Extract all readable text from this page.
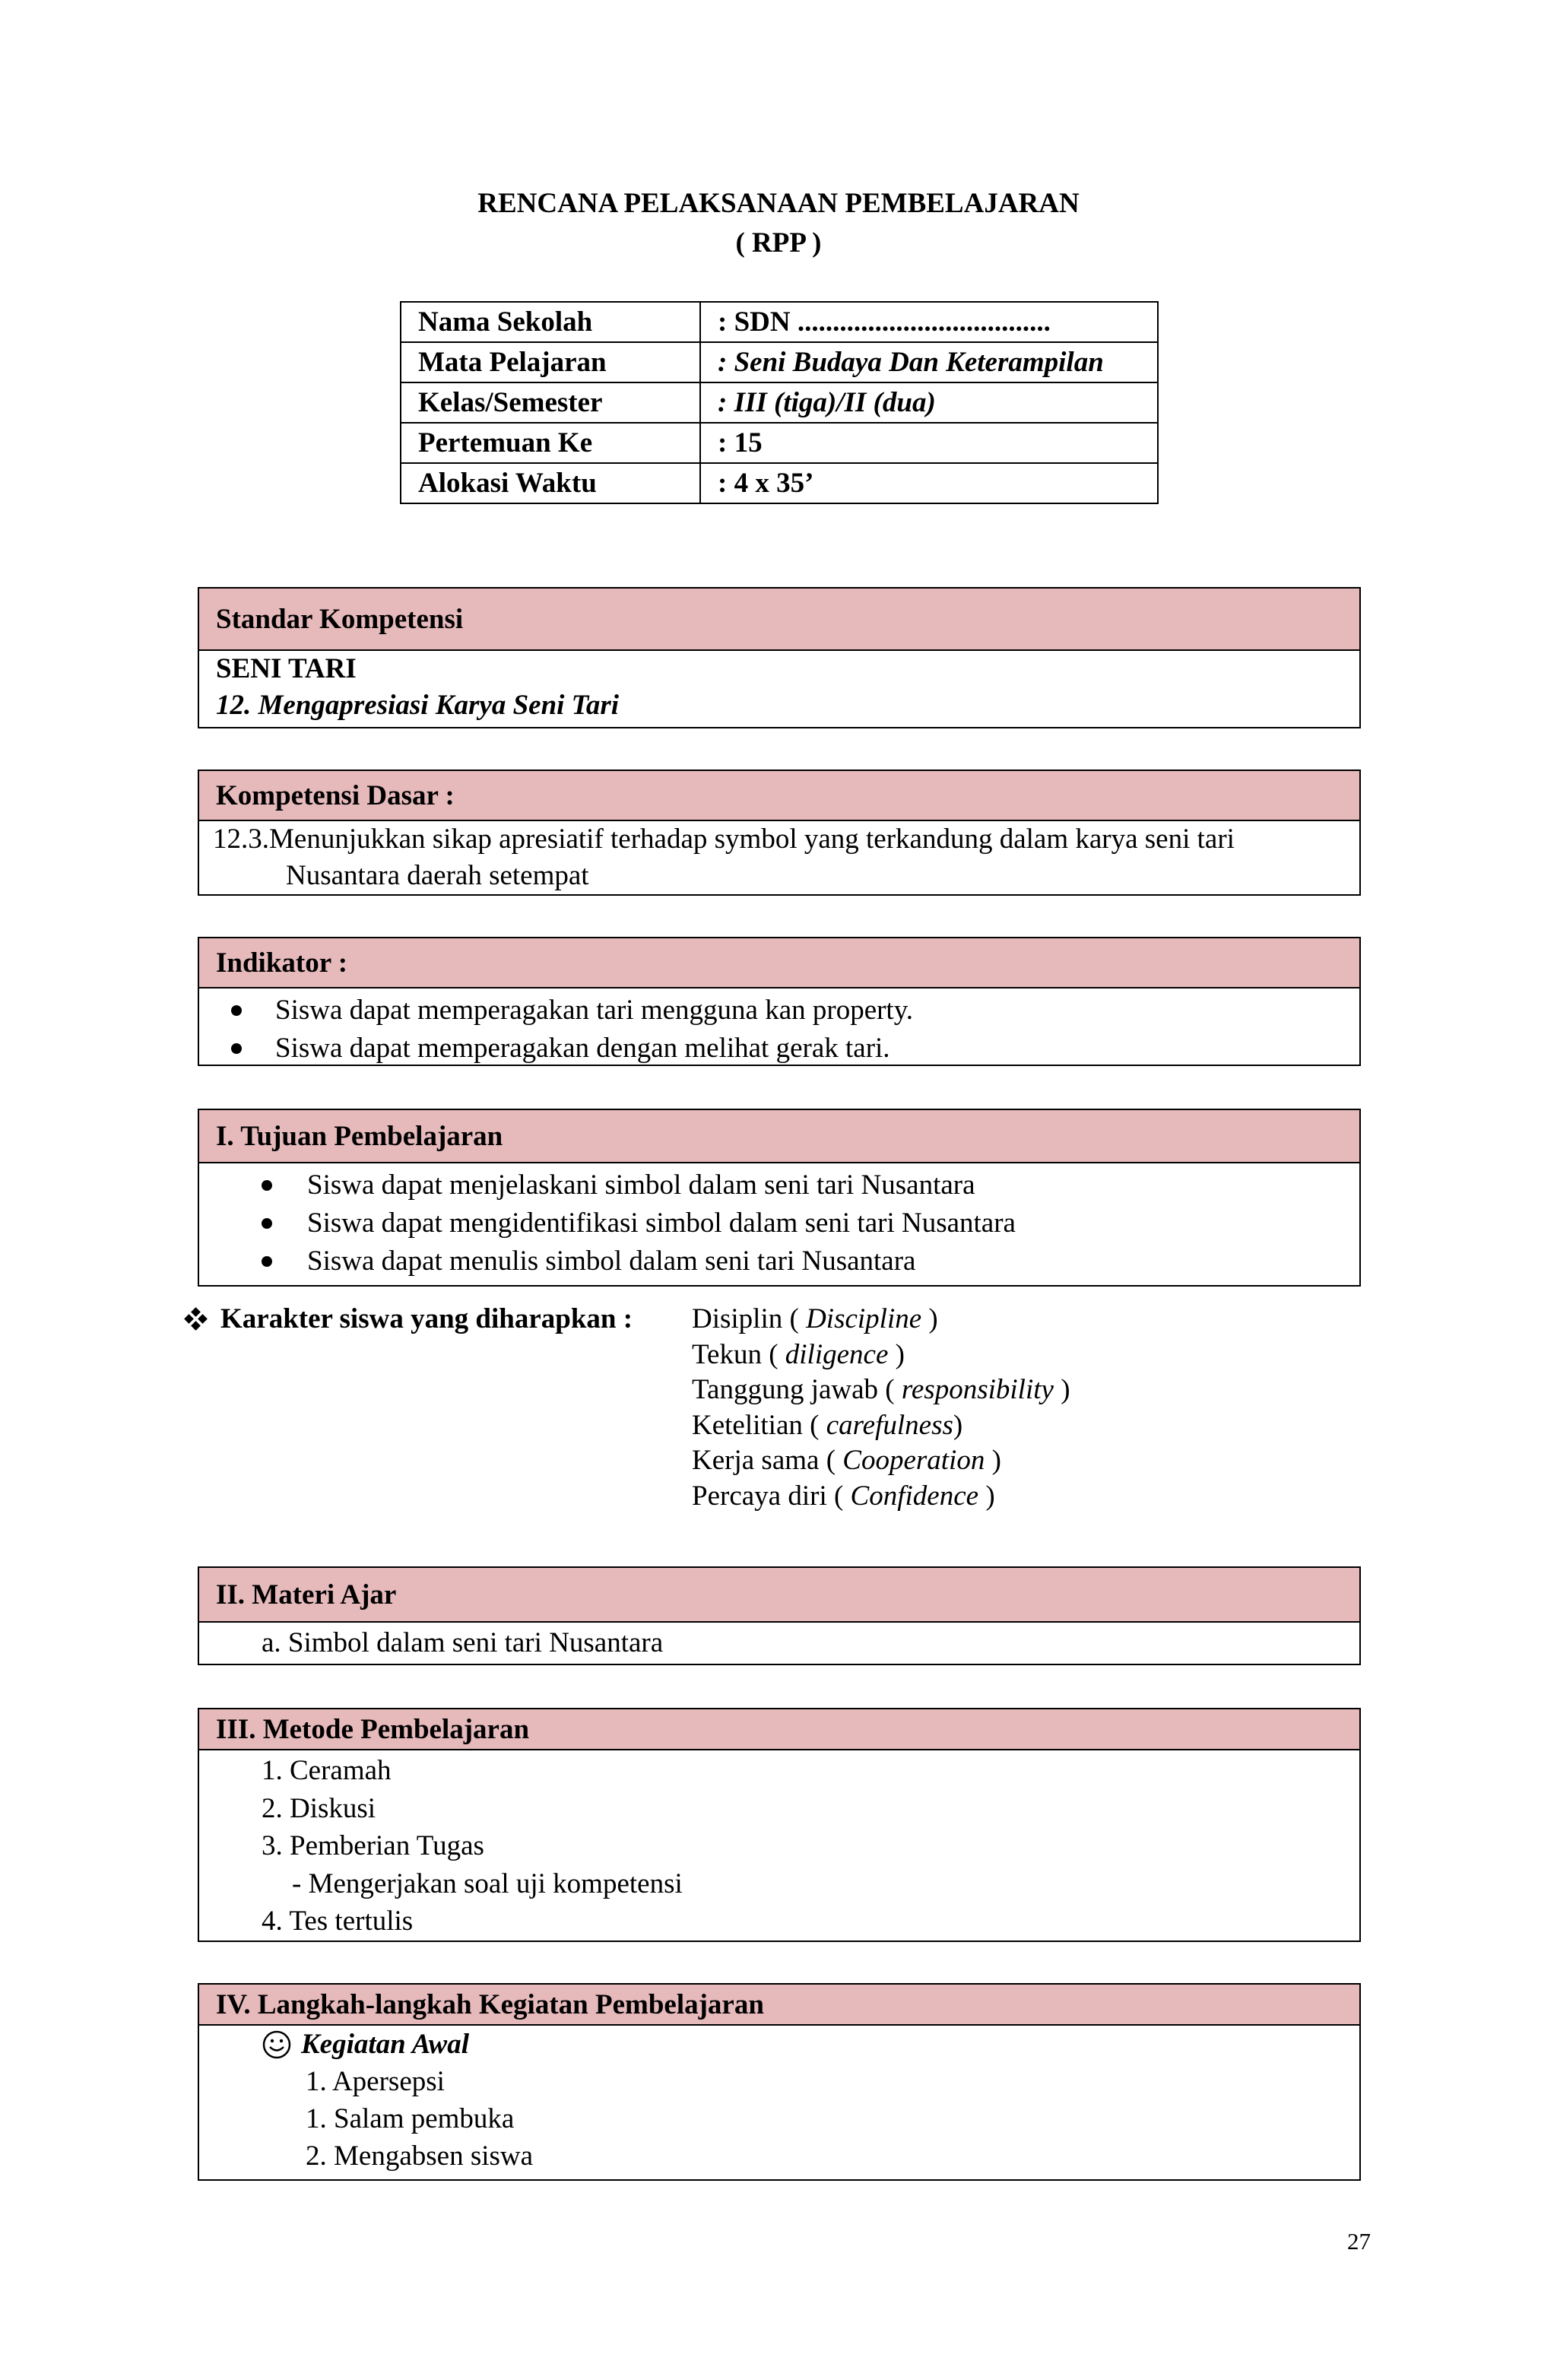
RENCANA PELAKSANAAN PEMBELAJARAN
( RPP )
Nama Sekolah	: SDN ....................................
Mata Pelajaran	: Seni Budaya Dan Keterampilan
Kelas/Semester	: III (tiga)/II (dua)
Pertemuan Ke	: 15
Alokasi Waktu	: 4 x 35’
Standar Kompetensi
SENI TARI
12. Mengapresiasi Karya Seni Tari
Kompetensi Dasar :
12.3.Menunjukkan sikap apresiatif terhadap symbol yang terkandung dalam karya seni tari
Nusantara daerah setempat
Indikator :
Siswa dapat memperagakan tari mengguna kan property.
Siswa dapat memperagakan dengan melihat gerak tari.
I. Tujuan Pembelajaran
Siswa dapat menjelaskani simbol dalam seni tari Nusantara
Siswa dapat mengidentifikasi simbol dalam seni tari Nusantara
Siswa dapat menulis simbol dalam seni tari Nusantara
Karakter siswa yang diharapkan : Disiplin ( Discipline )
Tekun ( diligence )
Tanggung jawab ( responsibility )
Ketelitian ( carefulness)
Kerja sama ( Cooperation )
Percaya diri ( Confidence )
II. Materi Ajar
a. Simbol dalam seni tari Nusantara
III. Metode Pembelajaran
1. Ceramah
2. Diskusi
3. Pemberian Tugas
- Mengerjakan soal uji kompetensi
4. Tes tertulis
IV. Langkah-langkah Kegiatan Pembelajaran
Kegiatan Awal
1. Apersepsi
1. Salam pembuka
2. Mengabsen siswa
27
